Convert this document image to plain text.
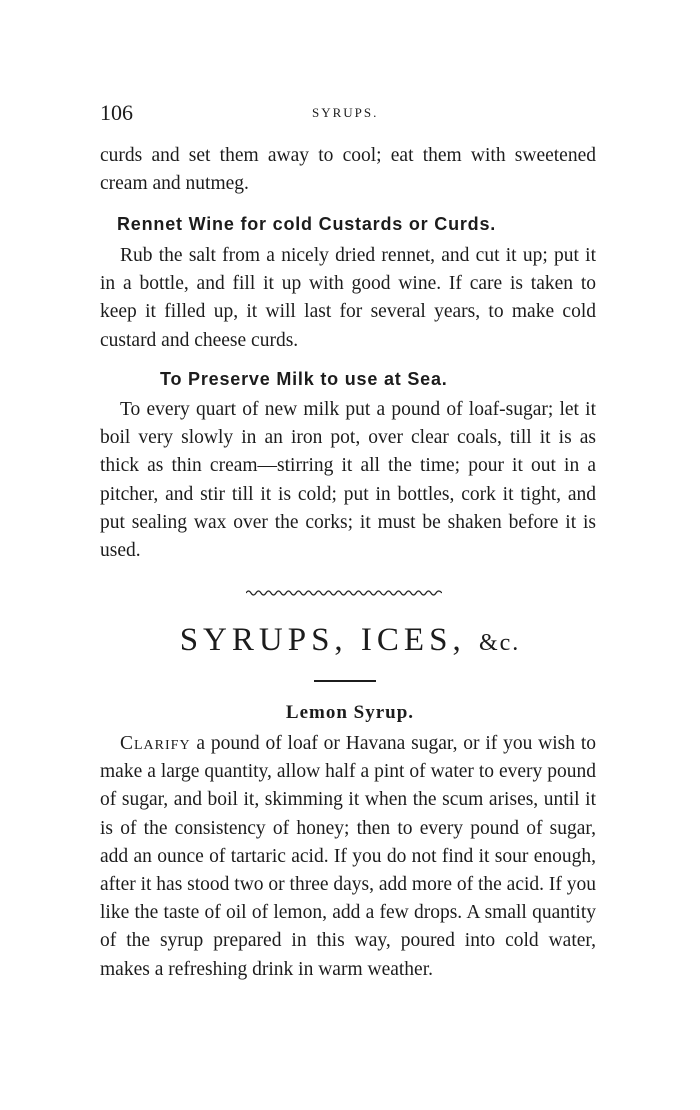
106	SYRUPS.
curds and set them away to cool; eat them with sweetened cream and nutmeg.
Rennet Wine for cold Custards or Curds.
Rub the salt from a nicely dried rennet, and cut it up; put it in a bottle, and fill it up with good wine. If care is taken to keep it filled up, it will last for several years, to make cold custard and cheese curds.
To Preserve Milk to use at Sea.
To every quart of new milk put a pound of loaf-sugar; let it boil very slowly in an iron pot, over clear coals, till it is as thick as thin cream—stirring it all the time; pour it out in a pitcher, and stir till it is cold; put in bottles, cork it tight, and put sealing wax over the corks; it must be shaken before it is used.
SYRUPS, ICES, &c.
Lemon Syrup.
Clarify a pound of loaf or Havana sugar, or if you wish to make a large quantity, allow half a pint of water to every pound of sugar, and boil it, skimming it when the scum arises, until it is of the consistency of honey; then to every pound of sugar, add an ounce of tartaric acid. If you do not find it sour enough, after it has stood two or three days, add more of the acid. If you like the taste of oil of lemon, add a few drops. A small quantity of the syrup prepared in this way, poured into cold water, makes a refreshing drink in warm weather.
